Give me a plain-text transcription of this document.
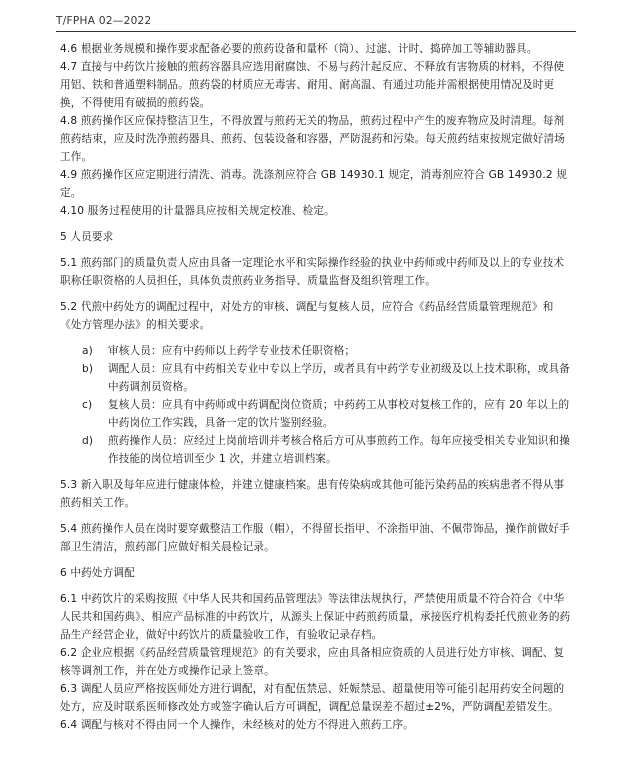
T/FPHA 02—2022

4.6 根据业务规模和操作要求配备必要的煎药设备和量杯（筒）、过滤、计时、捣碎加工等辅助器具。

4.7 直接与中药饮片接触的煎药容器具应选用耐腐蚀、不易与药汁起反应、不释放有害物质的材料，不得使用铝、铁和普通塑料制品。煎药袋的材质应无毒害、耐用、耐高温、有通过功能并需根据使用情况及时更换，不得使用有破损的煎药袋。

4.8 煎药操作区应保持整洁卫生，不得放置与煎药无关的物品，煎药过程中产生的废弃物应及时清理。每剂煎药结束，应及时洗净煎药器具、煎药、包装设备和容器，严防混药和污染。每天煎药结束按规定做好清场工作。

4.9 煎药操作区应定期进行清洗、消毒。洗涤剂应符合 GB 14930.1 规定，消毒剂应符合 GB 14930.2 规定。

4.10 服务过程使用的计量器具应按相关规定校准、检定。

5 人员要求

5.1 煎药部门的质量负责人应由具备一定理论水平和实际操作经验的执业中药师或中药师及以上的专业技术职称任职资格的人员担任，具体负责煎药业务指导、质量监督及组织管理工作。

5.2 代煎中药处方的调配过程中，对处方的审核、调配与复核人员，应符合《药品经营质量管理规范》和《处方管理办法》的相关要求。

a)	审核人员：应有中药师以上药学专业技术任职资格；
b)	调配人员：应具有中药相关专业中专以上学历，或者具有中药学专业初级及以上技术职称，或具备中药调剂员资格。
c)	复核人员：应具有中药师或中药调配岗位资质；中药药工从事校对复核工作的，应有 20 年以上的中药岗位工作实践，具备一定的饮片鉴别经验。
d)	煎药操作人员：应经过上岗前培训并考核合格后方可从事煎药工作。每年应接受相关专业知识和操作技能的岗位培训至少 1 次，并建立培训档案。

5.3 新入职及每年应进行健康体检，并建立健康档案。患有传染病或其他可能污染药品的疾病患者不得从事煎药相关工作。

5.4 煎药操作人员在岗时要穿戴整洁工作服（帽），不得留长指甲、不涂指甲油、不佩带饰品，操作前做好手部卫生清洁，煎药部门应做好相关晨检记录。

6 中药处方调配

6.1 中药饮片的采购按照《中华人民共和国药品管理法》等法律法规执行，严禁使用质量不符合符合《中华人民共和国药典》、相应产品标准的中药饮片，从源头上保证中药煎药质量，承接医疗机构委托代煎业务的药品生产经营企业，做好中药饮片的质量验收工作，有验收记录存档。

6.2 企业应根据《药品经营质量管理规范》的有关要求，应由具备相应资质的人员进行处方审核、调配、复核等调剂工作，并在处方或操作记录上签章。

6.3 调配人员应严格按医师处方进行调配，对有配伍禁忌、妊娠禁忌、超量使用等可能引起用药安全问题的处方，应及时联系医师修改处方或签字确认后方可调配，调配总量误差不超过±2%，严防调配差错发生。

6.4 调配与核对不得由同一个人操作，未经核对的处方不得进入煎药工序。
